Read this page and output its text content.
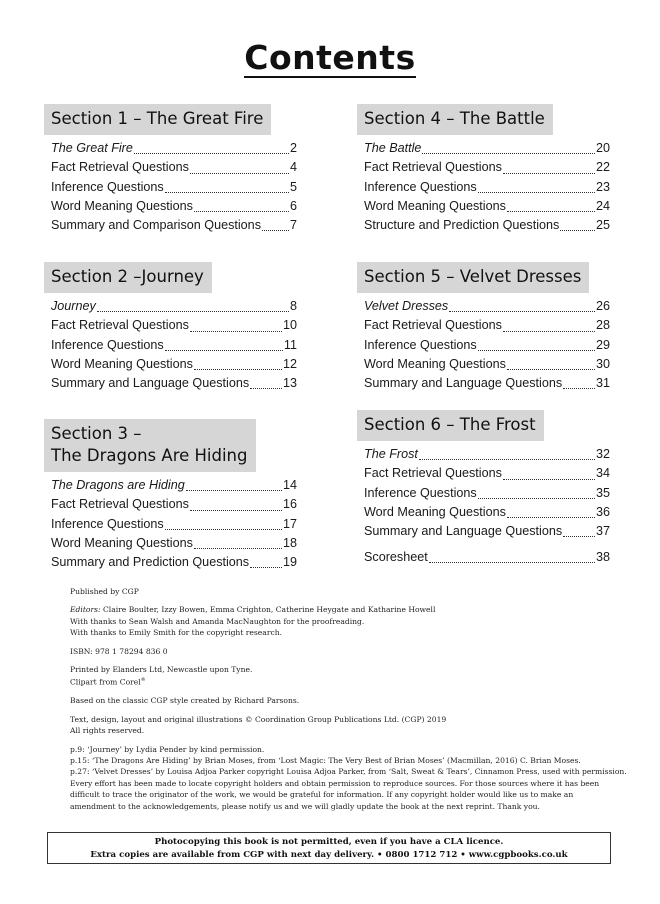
Contents
Section 1 – The Great Fire
The Great Fire	2
Fact Retrieval Questions	4
Inference Questions	5
Word Meaning Questions	6
Summary and Comparison Questions 7
Section 2 –Journey
Journey	8
Fact Retrieval Questions	10
Inference Questions	11
Word Meaning Questions	12
Summary and Language Questions	13
Section 3 –
The Dragons Are Hiding
The Dragons are Hiding	14
Fact Retrieval Questions	16
Inference Questions	17
Word Meaning Questions	18
Summary and Prediction Questions	19
Section 4 – The Battle
The Battle	20
Fact Retrieval Questions	22
Inference Questions	23
Word Meaning Questions	24
Structure and Prediction Questions	25
Section 5 – Velvet Dresses
Velvet Dresses	26
Fact Retrieval Questions	28
Inference Questions	29
Word Meaning Questions	30
Summary and Language Questions	31
Section 6 – The Frost
The Frost	32
Fact Retrieval Questions	34
Inference Questions	35
Word Meaning Questions	36
Summary and Language Questions	37
Scoresheet	38

Published by CGP

Editors: Claire Boulter, Izzy Bowen, Emma Crighton, Catherine Heygate and Katharine Howell

With thanks to Sean Walsh and Amanda MacNaughton for the proofreading.

With thanks to Emily Smith for the copyright research.

ISBN: 978 1 78294 836 0

Printed by Elanders Ltd, Newcastle upon Tyne.

Clipart from Corel®

Based on the classic CGP style created by Richard Parsons.

Text, design, layout and original illustrations © Coordination Group Publications Ltd. (CGP) 2019

All rights reserved.

p.9: ‘Journey’ by Lydia Pender by kind permission.

p.15: ‘The Dragons Are Hiding’ by Brian Moses, from ‘Lost Magic: The Very Best of Brian Moses’ (Macmillan, 2016) C. Brian Moses.

p.27: ‘Velvet Dresses’ by Louisa Adjoa Parker copyright Louisa Adjoa Parker, from ‘Salt, Sweat & Tears’, Cinnamon Press, used with permission.

Every effort has been made to locate copyright holders and obtain permission to reproduce sources. For those sources where it has been

difficult to trace the originator of the work, we would be grateful for information. If any copyright holder would like us to make an

amendment to the acknowledgements, please notify us and we will gladly update the book at the next reprint. Thank you.

Photocopying this book is not permitted, even if you have a CLA licence.

Extra copies are available from CGP with next day delivery. • 0800 1712 712 • www.cgpbooks.co.uk
